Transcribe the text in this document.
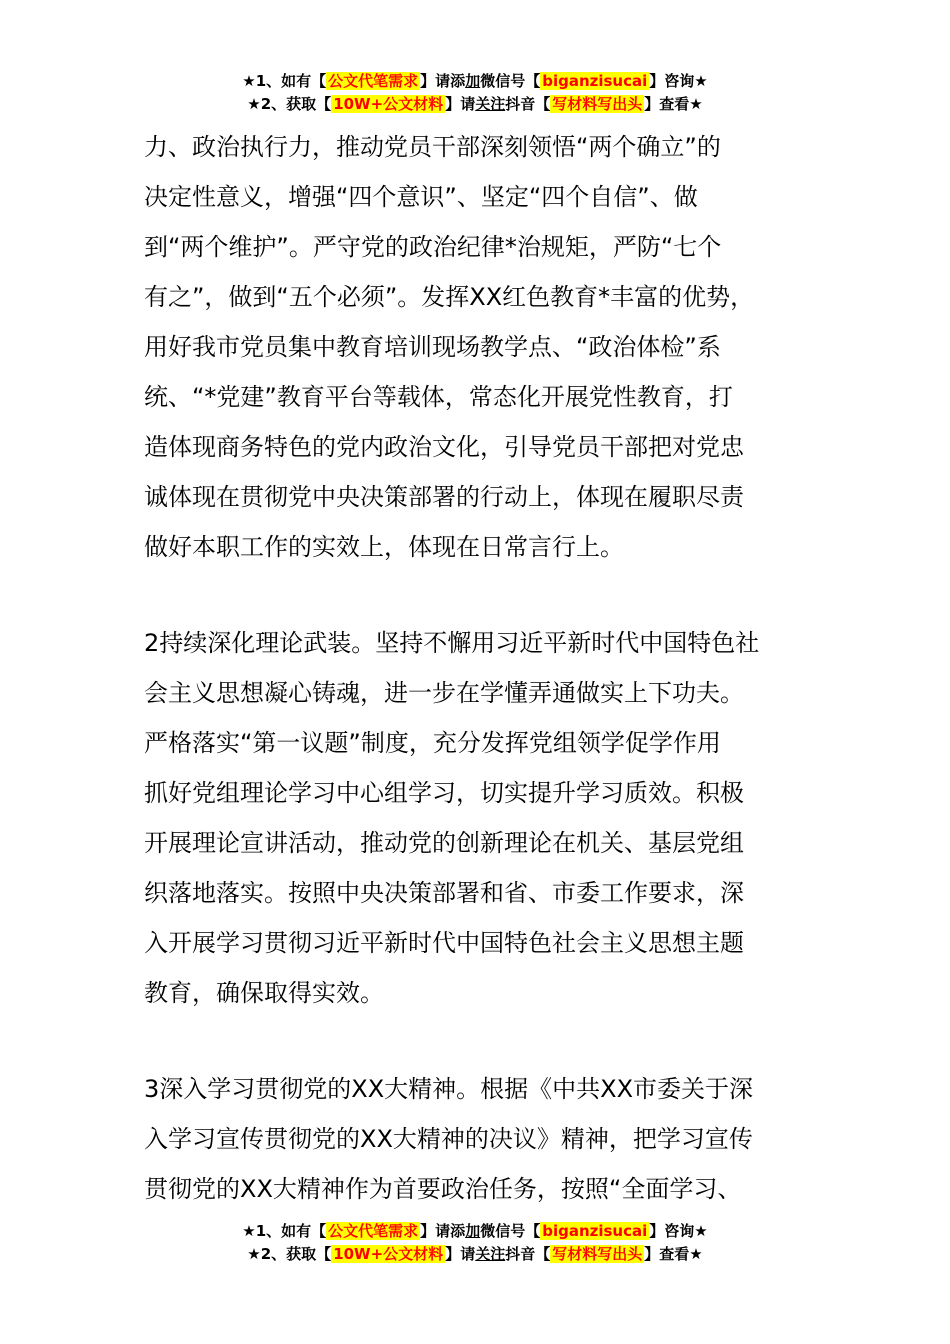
★1、如有【 公文代笔需求 】请添加微信号【 biganzisucai 】咨询★
★2、获取【 10W+公文材料 】请关注抖音【 写材料写出头 】查看★

力、政治执行力，推动党员干部深刻领悟“两个确立”的
决定性意义，增强“四个意识”、坚定“四个自信”、做
到“两个维护”。严守党的政治纪律*治规矩，严防“七个
有之”，做到“五个必须”。发挥XX红色教育*丰富的优势，
用好我市党员集中教育培训现场教学点、“政治体检”系
统、“*党建”教育平台等载体，常态化开展党性教育，打
造体现商务特色的党内政治文化，引导党员干部把对党忠
诚体现在贯彻党中央决策部署的行动上，体现在履职尽责
做好本职工作的实效上，体现在日常言行上。

2持续深化理论武装。坚持不懈用习近平新时代中国特色社
会主义思想凝心铸魂，进一步在学懂弄通做实上下功夫。
严格落实“第一议题”制度，充分发挥党组领学促学作用
抓好党组理论学习中心组学习，切实提升学习质效。积极
开展理论宣讲活动，推动党的创新理论在机关、基层党组
织落地落实。按照中央决策部署和省、市委工作要求，深
入开展学习贯彻习近平新时代中国特色社会主义思想主题
教育，确保取得实效。

3深入学习贯彻党的XX大精神。根据《中共XX市委关于深
入学习宣传贯彻党的XX大精神的决议》精神，把学习宣传
贯彻党的XX大精神作为首要政治任务，按照“全面学习、

★1、如有【 公文代笔需求 】请添加微信号【 biganzisucai 】咨询★
★2、获取【 10W+公文材料 】请关注抖音【 写材料写出头 】查看★
